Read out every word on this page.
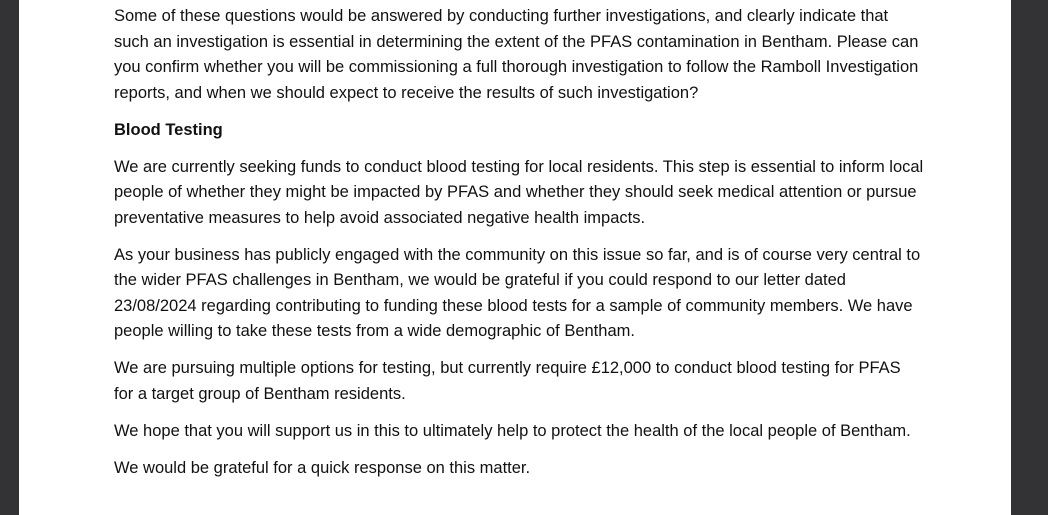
Some of these questions would be answered by conducting further investigations, and clearly indicate that such an investigation is essential in determining the extent of the PFAS contamination in Bentham. Please can you confirm whether you will be commissioning a full thorough investigation to follow the Ramboll Investigation reports, and when we should expect to receive the results of such investigation?

Blood Testing

We are currently seeking funds to conduct blood testing for local residents. This step is essential to inform local people of whether they might be impacted by PFAS and whether they should seek medical attention or pursue preventative measures to help avoid associated negative health impacts.

As your business has publicly engaged with the community on this issue so far, and is of course very central to the wider PFAS challenges in Bentham, we would be grateful if you could respond to our letter dated 23/08/2024 regarding contributing to funding these blood tests for a sample of community members. We have people willing to take these tests from a wide demographic of Bentham.

We are pursuing multiple options for testing, but currently require £12,000 to conduct blood testing for PFAS for a target group of Bentham residents.

We hope that you will support us in this to ultimately help to protect the health of the local people of Bentham.

We would be grateful for a quick response on this matter.
